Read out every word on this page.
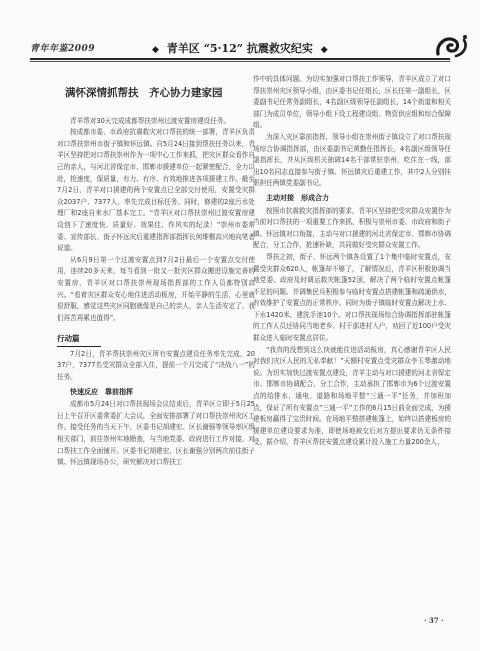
青年年鉴2009	◆ 青羊区 “5·12” 抗震救灾纪实 ◆
满怀深情抓帮扶　齐心协力建家园

青羊帮对30天完成成都帮扶崇州过渡安置房建设任务。

按成都市委、市政府抗震救灾对口帮扶的统一部署，青羊区负责对口帮扶崇州市街子镇和怀远镇。自5月24日接到帮扶任务以来，青羊区坚持把对口帮扶崇州作为一项中心工作来抓，把灾区群众看作自己的亲人，与河北省保定市、邯郸市援建单位一起紧密配合，全力以赴，抢速度，保质量，有力、有序、有效地推进各项援建工作。截至7月2日，青羊对口援建的两个安置点已全部交付使用，安置受灾群众2037户、7377人，率先完成目标任务。同时，修建的2座污水处理厂和2座自来水厂基本完工。“青羊区对口帮扶崇州过渡安置房建设创下了速度快、质量好、效果佳、作风实的纪录！”崇州市委常委、宣传部长、街子怀远灾后重建指挥部指挥长何维楷高兴地向笔者说道。

从6月9日第一个过渡安置点到7月2日最后一个安置点交付使用，连续20多天来，每当看到一批又一批灾区群众搬进设施完善的安置房，青羊区对口帮扶崇州现场指挥部的工作人员都特别高兴。“看着灾区群众安心地住进活动板房，开始平静的生活，心里就很舒服，感觉这些灾区同胞就像是自己的亲人，亲人生活安定了，我们再苦再累也值得”。

行动篇

7月2日，青羊帮扶崇州灾区所有安置点建设任务率先完成，2037户，7377名受灾群众全部入住，提前一个月完成了“决战八一”的任务。

快速反应　靠前指挥

成都市5月24日对口帮扶现场会议结束后，青羊区立即于5月25日上午召开区委常委扩大会议，全面安排部署了对口帮扶崇州灾区工作。接受任务的当天下午，区委书记胡建宏、区长谢强等领导率区级相关部门，前往崇州实地勘查，与当地党委、政府进行工作对接，对口帮扶工作全面铺开。区委书记胡建宏、区长谢强分别两次前往街子镇、怀远镇现场办公，研究解决对口帮扶工

作中的具体问题。为切实加强对口帮扶工作领导，青羊区成立了对口帮扶崇州灾区领导小组，由区委书记任组长，区长任第一副组长，区委副书记任常务副组长，4名副区级领导任副组长，14个街道和相关部门为成员单位，领导小组下设工程建设组、物资供应组和综合保障组。

为深入灾区靠前指挥，领导小组在崇州街子镇设立了对口帮扶现场综合协调指挥部，由区委副书记黄勤任指挥长，4名副区级领导任副指挥长，并从区级机关抽调14名干部常驻崇州，吃住在一线，部出10名同志直接参与街子镇、怀远镇灾后重建工作，其中2人分别挂职担任两镇党委副书记。

主动对接　形成合力

按照市抗震救灾指挥部的要求，青羊区坚持把受灾群众安置作为当前对口帮扶的一项重要工作来抓，积极与崇州市委、市政府和街子镇、怀远镇对口衔接，主动与对口援建的河北省保定市、邯郸市协调配合，分工合作，抢速补缺，共同做好受灾群众安置工作。

帮扶之初，街子、怀远两个镇各设置了1个集中临时安置点，安置受灾群众620人，帐篷却不够了，了解情况后，青羊区积极协调当地党委、政府及时调运救灾帐篷52顶，解决了两个临时安置点帐篷不足的问题。并调集民兵积极参与临时安置点搭建帐篷和疏通供水，有效维护了安置点的正常秩序。同时为街子镇临时安置点解决上水、下水1420米，建洗手池10个。对口帮扶现场综合协调指挥部驻帐篷的工作人员还协同当地老乡、村干部进村入户，劝回了近100户受灾群众进入临时安置点居住。

“我真的没想到这么快就能住进活动板房，真心感谢青羊区人民对我们灾区人民的无私奉献！”天额村安置点受灾群众李玉琴激动地说。为切实加快过渡安置点建设，青羊主动与对口援建的河北省保定市、邯郸市协调配合，分工合作，主动承担了邯郸市为6个过渡安置点的给排水、通电、道路和场地平整“三通一平”任务，并加班加点，保证了所有安置点“三通一平”工作的6月15日前全面完成，为援建板房赢得了宝贵时间。在场地平整搭建帐篷上，始终以搭建板房的援建单位建设要求为准，即使场地被交后对方提出要求仍无条件接受。据介绍，青羊区帮扶安置点建设累计投入施工力量200余人、

· 37 ·
